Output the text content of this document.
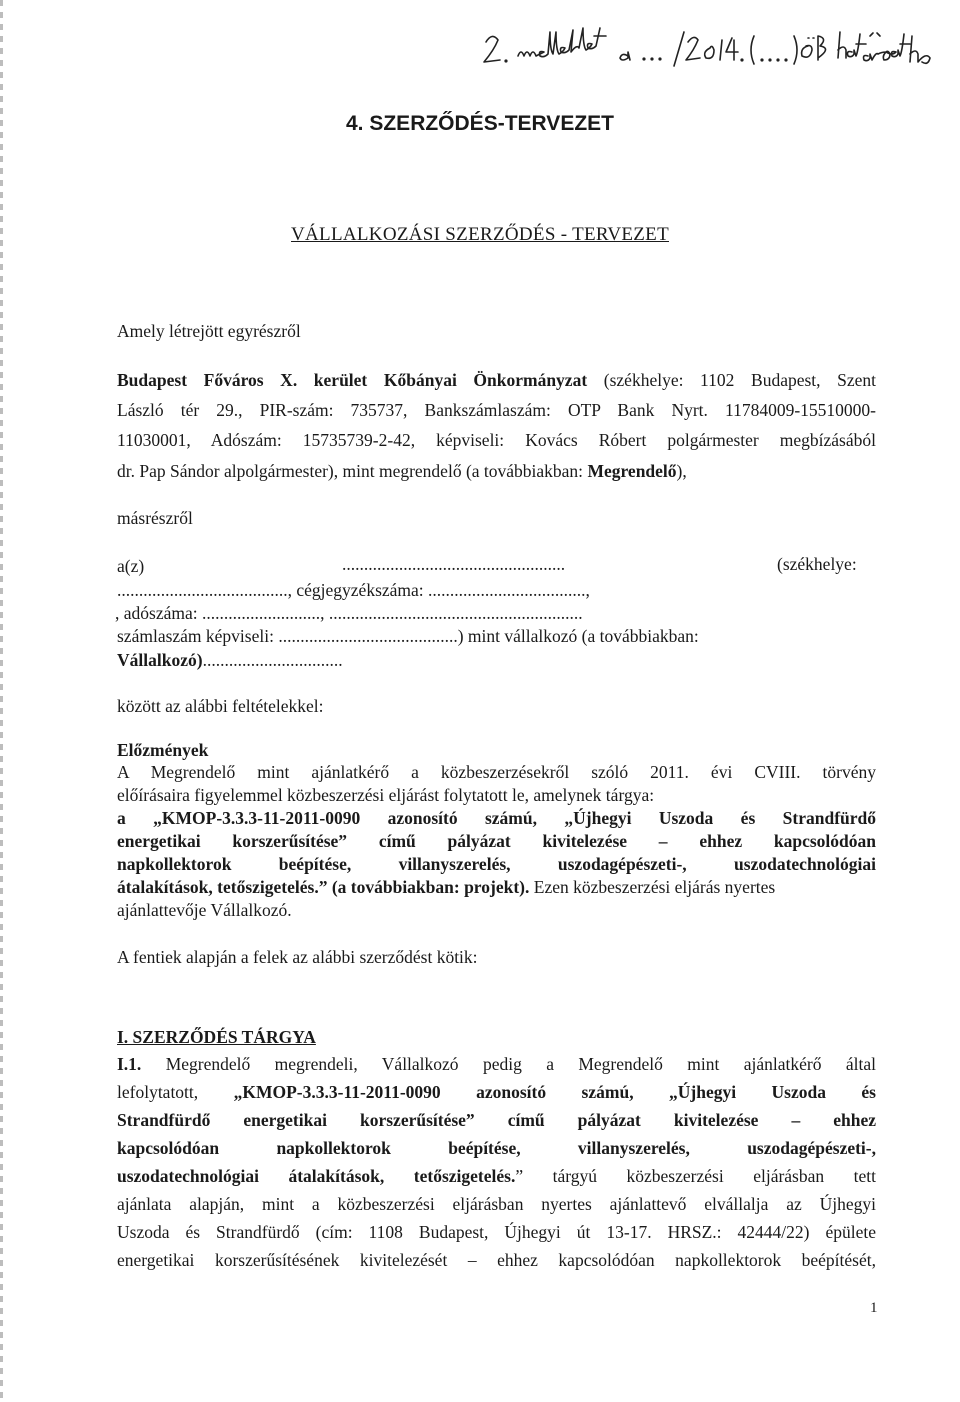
4. SZERZŐDÉS-TERVEZET
VÁLLALKOZÁSI SZERZŐDÉS - TERVEZET
Amely létrejött egyrészről
Budapest Főváros X. kerület Kőbányai Önkormányzat (székhelye: 1102 Budapest, Szent
László tér 29., PIR-szám: 735737, Bankszámlaszám: OTP Bank Nyrt. 11784009-15510000-
11030001, Adószám: 15735739-2-42, képviseli: Kovács Róbert polgármester megbízásából
dr. Pap Sándor alpolgármester), mint megrendelő (a továbbiakban: Megrendelő),
másrészről
a(z)	...................................................	(székhelye:
......................................., cégjegyzékszáma: ....................................,
, adószáma: ..........................., ..........................................................
számlaszám képviseli: .........................................) mint vállalkozó (a továbbiakban:
Vállalkozó)................................
között az alábbi feltételekkel:
Előzmények
A Megrendelő mint ajánlatkérő a közbeszerzésekről szóló 2011. évi CVIII. törvény
előírásaira figyelemmel közbeszerzési eljárást folytatott le, amelynek tárgya:
a „KMOP-3.3.3-11-2011-0090 azonosító számú, „Újhegyi Uszoda és Strandfürdő
energetikai korszerűsítése” című pályázat kivitelezése – ehhez kapcsolódóan
napkollektorok beépítése, villanyszerelés, uszodagépészeti-, uszodatechnológiai
átalakítások, tetőszigetelés.” (a továbbiakban: projekt). Ezen közbeszerzési eljárás nyertes
ajánlattevője Vállalkozó.
A fentiek alapján a felek az alábbi szerződést kötik:
I. SZERZŐDÉS TÁRGYA
I.1. Megrendelő megrendeli, Vállalkozó pedig a Megrendelő mint ajánlatkérő által
lefolytatott, „KMOP-3.3.3-11-2011-0090 azonosító számú, „Újhegyi Uszoda és
Strandfürdő energetikai korszerűsítése” című pályázat kivitelezése – ehhez
kapcsolódóan napkollektorok beépítése, villanyszerelés, uszodagépészeti-,
uszodatechnológiai átalakítások, tetőszigetelés.” tárgyú közbeszerzési eljárásban tett
ajánlata alapján, mint a közbeszerzési eljárásban nyertes ajánlattevő elvállalja az Újhegyi
Uszoda és Strandfürdő (cím: 1108 Budapest, Újhegyi út 13-17. HRSZ.: 42444/22) épülete
energetikai korszerűsítésének kivitelezését – ehhez kapcsolódóan napkollektorok beépítését,
1
